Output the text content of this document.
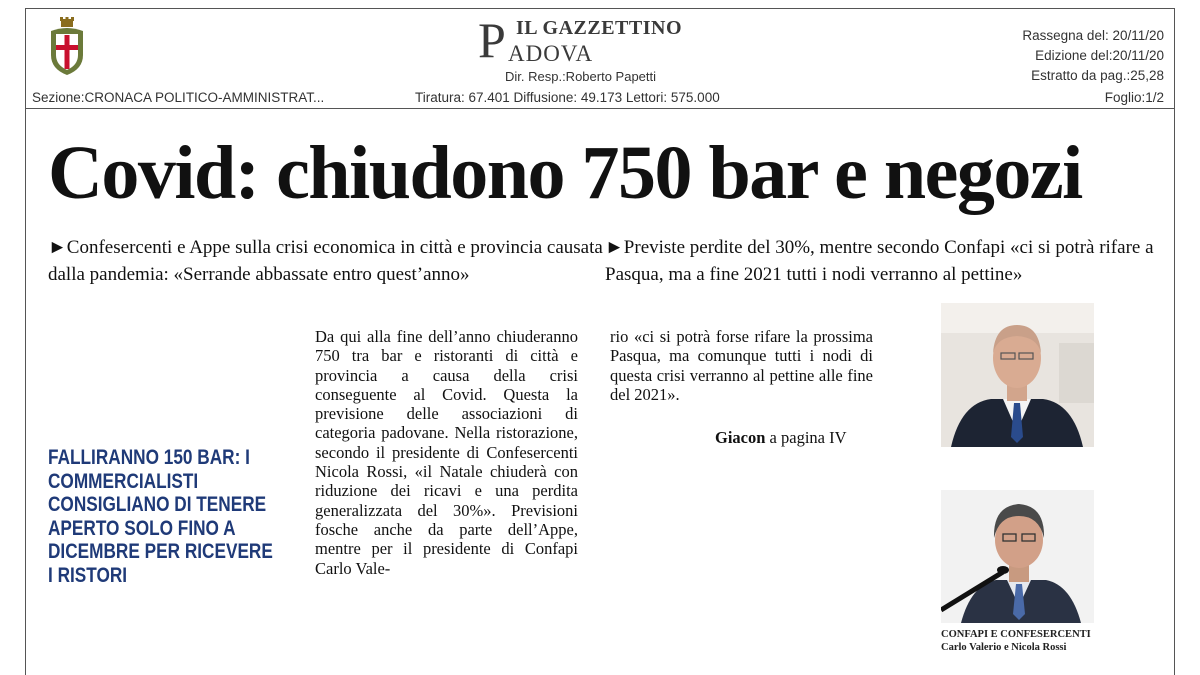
P IL GAZZETTINO
ADOVA
Dir. Resp.:Roberto Papetti
Rassegna del: 20/11/20
Edizione del:20/11/20
Estratto da pag.:25,28
Sezione:CRONACA POLITICO-AMMINISTRAT...	Tiratura: 67.401 Diffusione: 49.173 Lettori: 575.000	Foglio:1/2
Covid: chiudono 750 bar e negozi

►Confesercenti e Appe sulla crisi economica in città e provincia causata dalla pandemia: «Serrande abbassate entro quest’anno»

►Previste perdite del 30%, mentre secondo Confapi «ci si potrà rifare a Pasqua, ma a fine 2021 tutti i nodi verranno al pettine»

FALLIRANNO 150 BAR: I COMMERCIALISTI CONSIGLIANO DI TENERE APERTO SOLO FINO A DICEMBRE PER RICEVERE I RISTORI

Da qui alla fine dell’anno chiuderanno 750 tra bar e ristoranti di città e provincia a causa della crisi conseguente al Covid. Questa la previsione delle associazioni di categoria padovane. Nella ristorazione, secondo il presidente di Confesercenti Nicola Rossi, «il Natale chiuderà con riduzione dei ricavi e una perdita generalizzata del 30%». Previsioni fosche anche da parte dell’Appe, mentre per il presidente di Confapi Carlo Vale-

rio «ci si potrà forse rifare la prossima Pasqua, ma comunque tutti i nodi di questa crisi verranno al pettine alle fine del 2021».

Giacon a pagina IV
CONFAPI E CONFESERCENTI Carlo Valerio e Nicola Rossi
